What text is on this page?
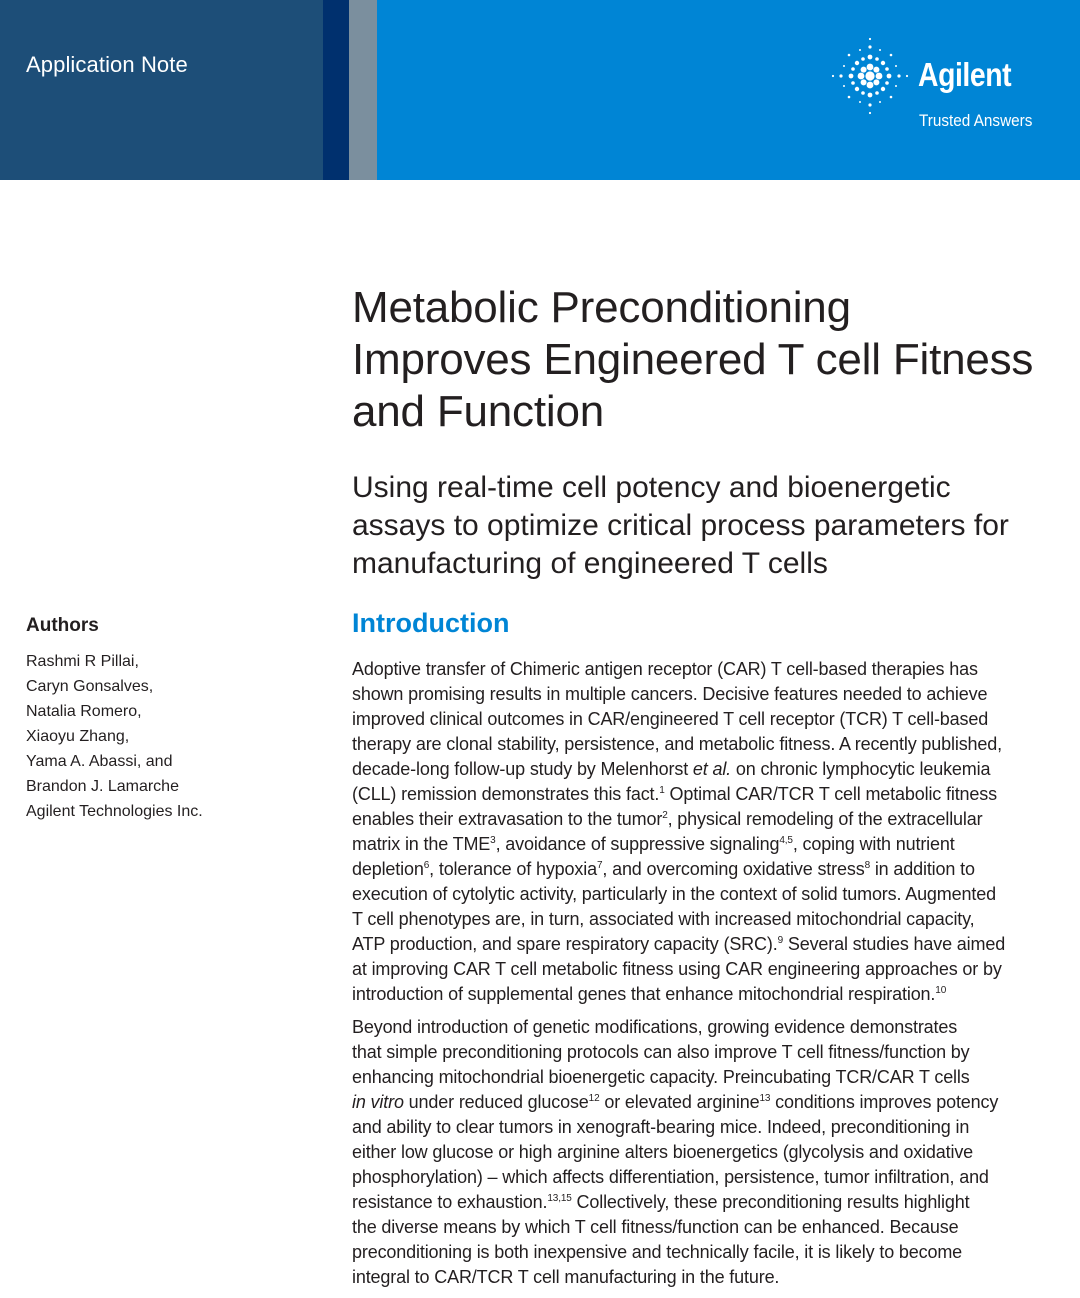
Application Note	Agilent

Trusted Answers

Metabolic Preconditioning
Improves Engineered T cell Fitness
and Function
Using real-time cell potency and bioenergetic
assays to optimize critical process parameters for
manufacturing of engineered T cells
Authors
Rashmi R Pillai,
Caryn Gonsalves,
Natalia Romero,
Xiaoyu Zhang,
Yama A. Abassi, and
Brandon J. Lamarche
Agilent Technologies Inc.
Introduction

Adoptive transfer of Chimeric antigen receptor (CAR) T cell-based therapies has
shown promising results in multiple cancers. Decisive features needed to achieve
improved clinical outcomes in CAR/engineered T cell receptor (TCR) T cell-based
therapy are clonal stability, persistence, and metabolic fitness. A recently published,
decade-long follow-up study by Melenhorst et al. on chronic lymphocytic leukemia
(CLL) remission demonstrates this fact.$^1$ Optimal CAR/TCR T cell metabolic fitness
enables their extravasation to the tumor$^2$, physical remodeling of the extracellular
matrix in the TME$^3$, avoidance of suppressive signaling$^{4,5}$, coping with nutrient
depletion$^6$, tolerance of hypoxia$^7$, and overcoming oxidative stress$^8$ in addition to
execution of cytolytic activity, particularly in the context of solid tumors. Augmented
T cell phenotypes are, in turn, associated with increased mitochondrial capacity,
ATP production, and spare respiratory capacity (SRC).$^9$ Several studies have aimed
at improving CAR T cell metabolic fitness using CAR engineering approaches or by
introduction of supplemental genes that enhance mitochondrial respiration.$^{10}$

Beyond introduction of genetic modifications, growing evidence demonstrates
that simple preconditioning protocols can also improve T cell fitness/function by
enhancing mitochondrial bioenergetic capacity. Preincubating TCR/CAR T cells
in vitro under reduced glucose$^{12}$ or elevated arginine$^{13}$ conditions improves potency
and ability to clear tumors in xenograft-bearing mice. Indeed, preconditioning in
either low glucose or high arginine alters bioenergetics (glycolysis and oxidative
phosphorylation) – which affects differentiation, persistence, tumor infiltration, and
resistance to exhaustion.$^{13,15}$ Collectively, these preconditioning results highlight
the diverse means by which T cell fitness/function can be enhanced. Because
preconditioning is both inexpensive and technically facile, it is likely to become
integral to CAR/TCR T cell manufacturing in the future.
